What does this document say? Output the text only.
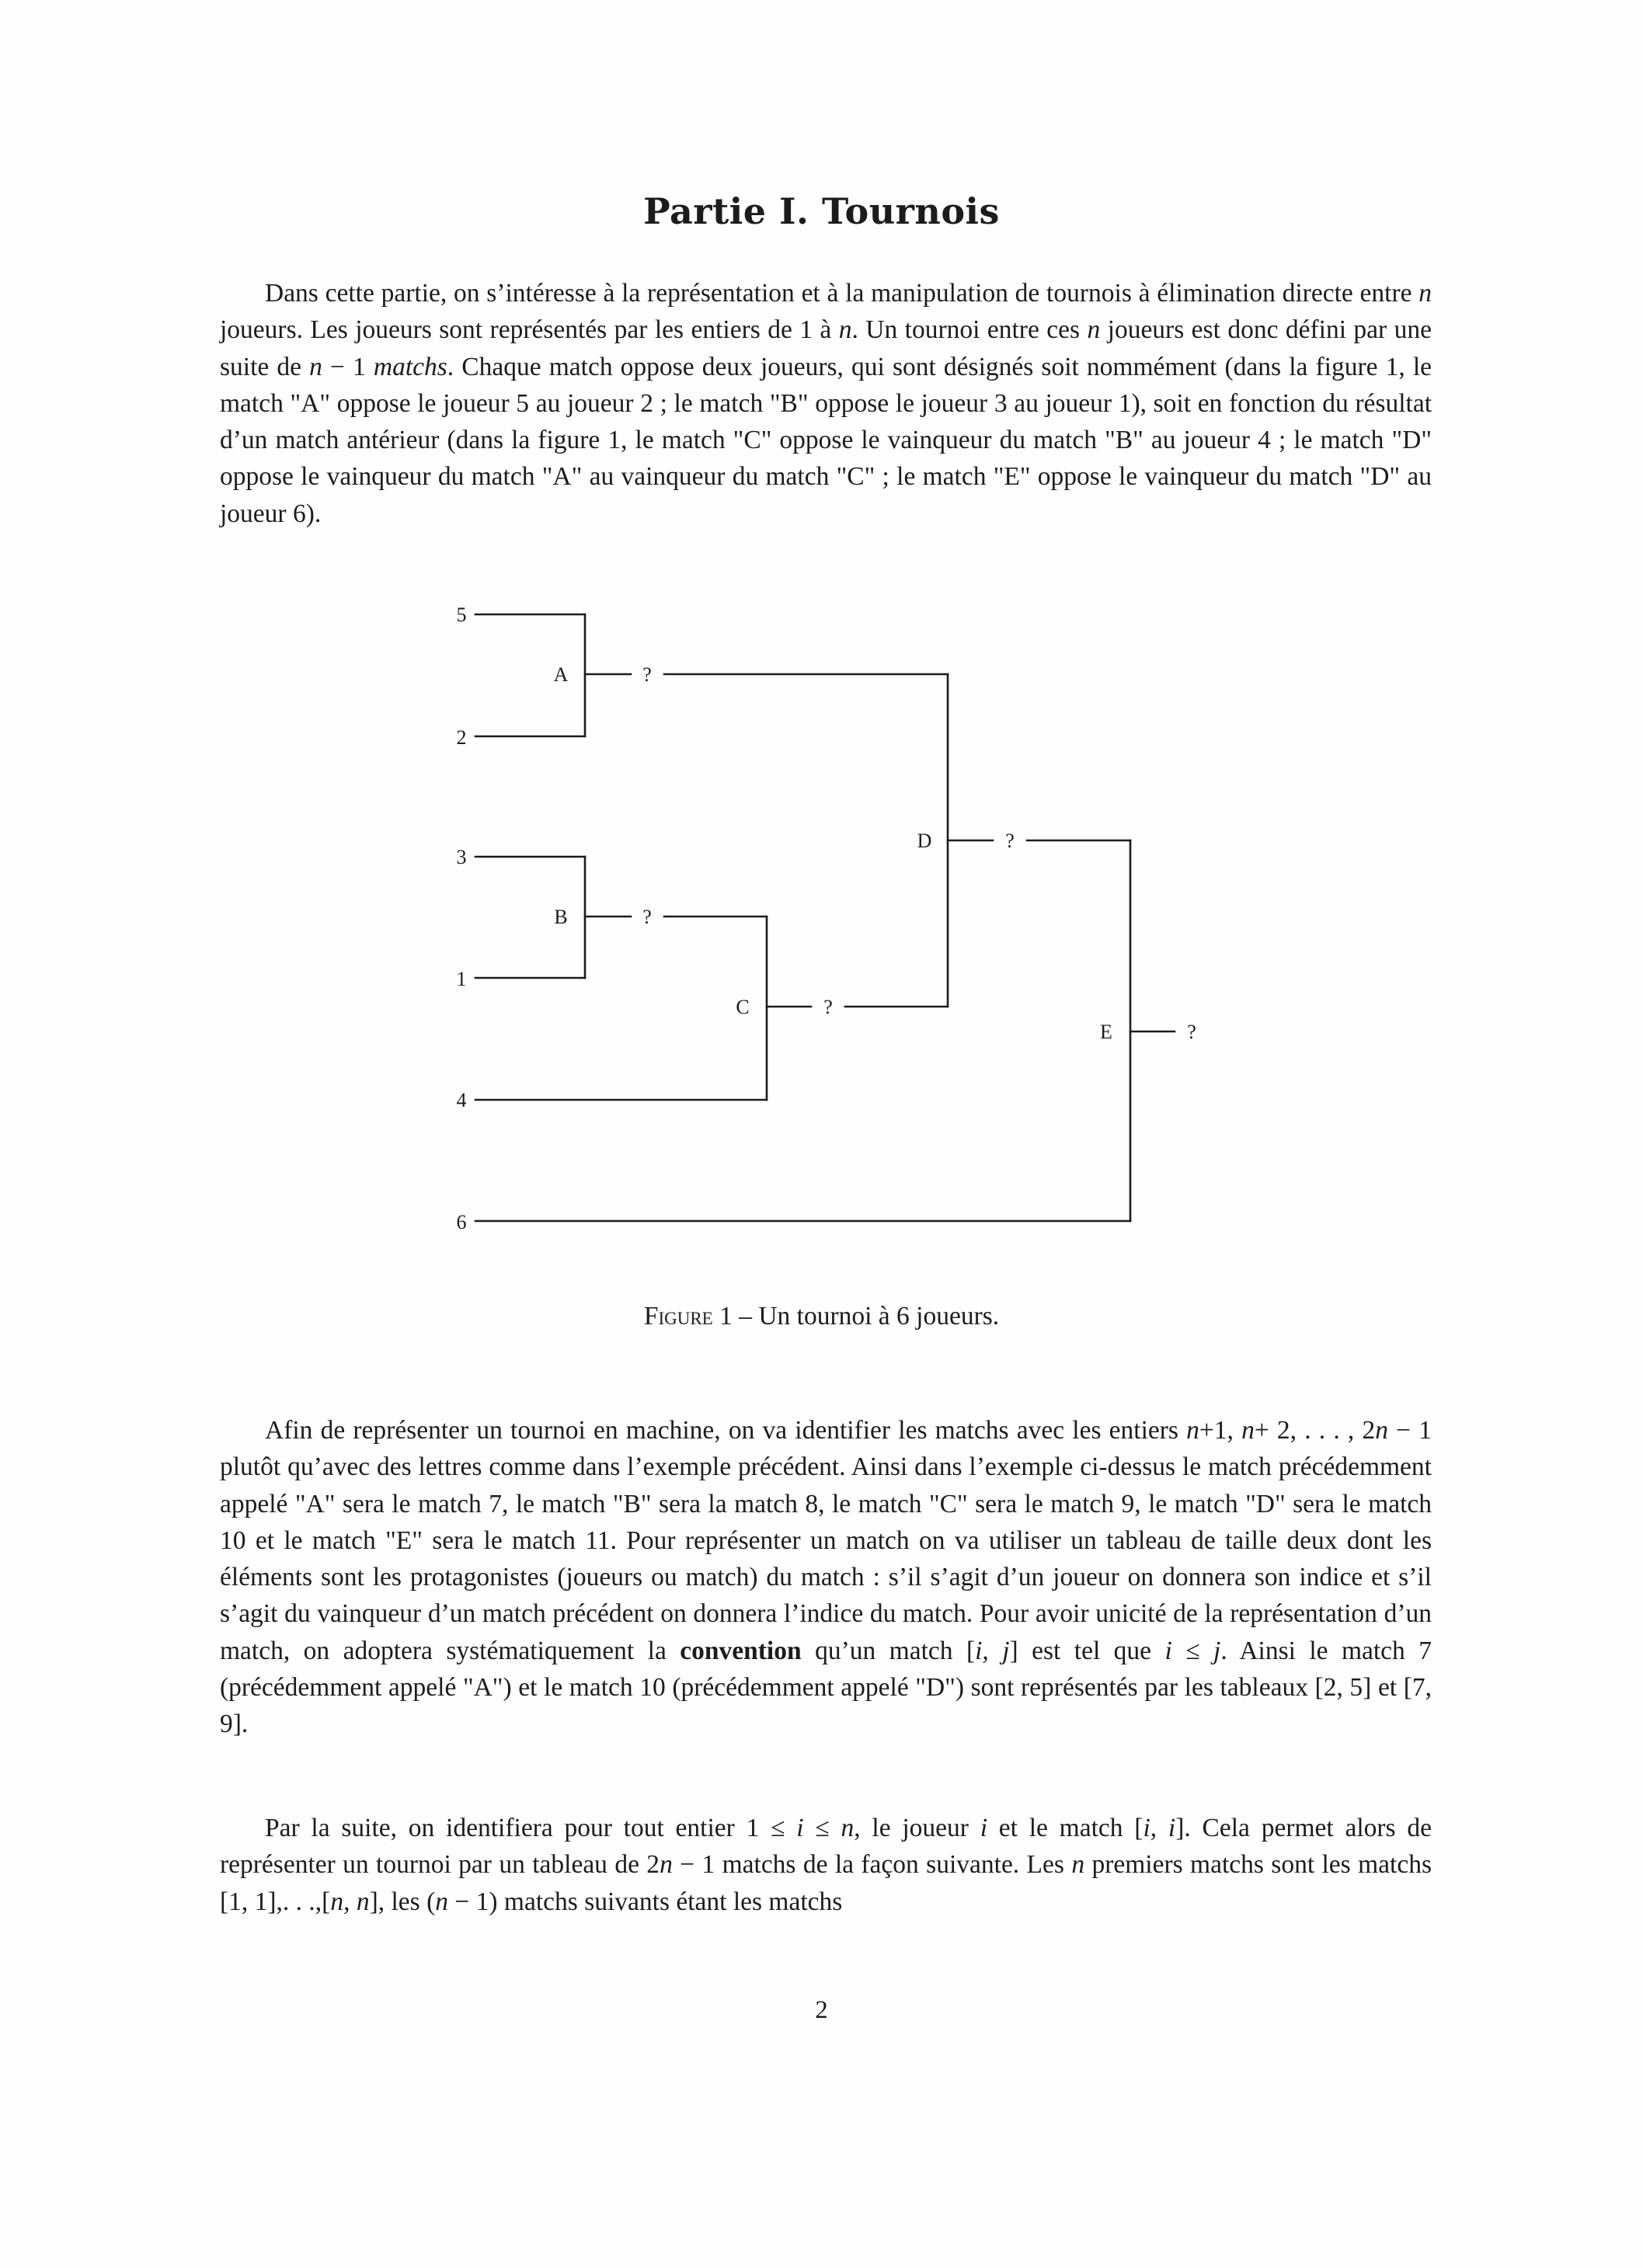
Partie I. Tournois

Dans cette partie, on s’intéresse à la représentation et à la manipulation de tournois à élimination directe entre n joueurs. Les joueurs sont représentés par les entiers de 1 à n. Un tournoi entre ces n joueurs est donc défini par une suite de n − 1 matchs. Chaque match oppose deux joueurs, qui sont désignés soit nommément (dans la figure 1, le match "A" oppose le joueur 5 au joueur 2 ; le match "B" oppose le joueur 3 au joueur 1), soit en fonction du résultat d’un match antérieur (dans la figure 1, le match "C" oppose le vainqueur du match "B" au joueur 4 ; le match "D" oppose le vainqueur du match "A" au vainqueur du match "C" ; le match "E" oppose le vainqueur du match "D" au joueur 6).

5
2
3
1
4
6
A
B
C
D
E
?
?
?
?
?

Figure 1 – Un tournoi à 6 joueurs.

Afin de représenter un tournoi en machine, on va identifier les matchs avec les entiers n+1, n+ 2, . . . , 2n − 1 plutôt qu’avec des lettres comme dans l’exemple précédent. Ainsi dans l’exemple ci-dessus le match précédemment appelé "A" sera le match 7, le match "B" sera la match 8, le match "C" sera le match 9, le match "D" sera le match 10 et le match "E" sera le match 11. Pour représenter un match on va utiliser un tableau de taille deux dont les éléments sont les protagonistes (joueurs ou match) du match : s’il s’agit d’un joueur on donnera son indice et s’il s’agit du vainqueur d’un match précédent on donnera l’indice du match. Pour avoir unicité de la représentation d’un match, on adoptera systématiquement la convention qu’un match [i, j] est tel que i ≤ j. Ainsi le match 7 (précédemment appelé "A") et le match 10 (précédemment appelé "D") sont représentés par les tableaux [2, 5] et [7, 9].

Par la suite, on identifiera pour tout entier 1 ≤ i ≤ n, le joueur i et le match [i, i]. Cela permet alors de représenter un tournoi par un tableau de 2n − 1 matchs de la façon suivante. Les n premiers matchs sont les matchs [1, 1],. . .,[n, n], les (n − 1) matchs suivants étant les matchs

2
